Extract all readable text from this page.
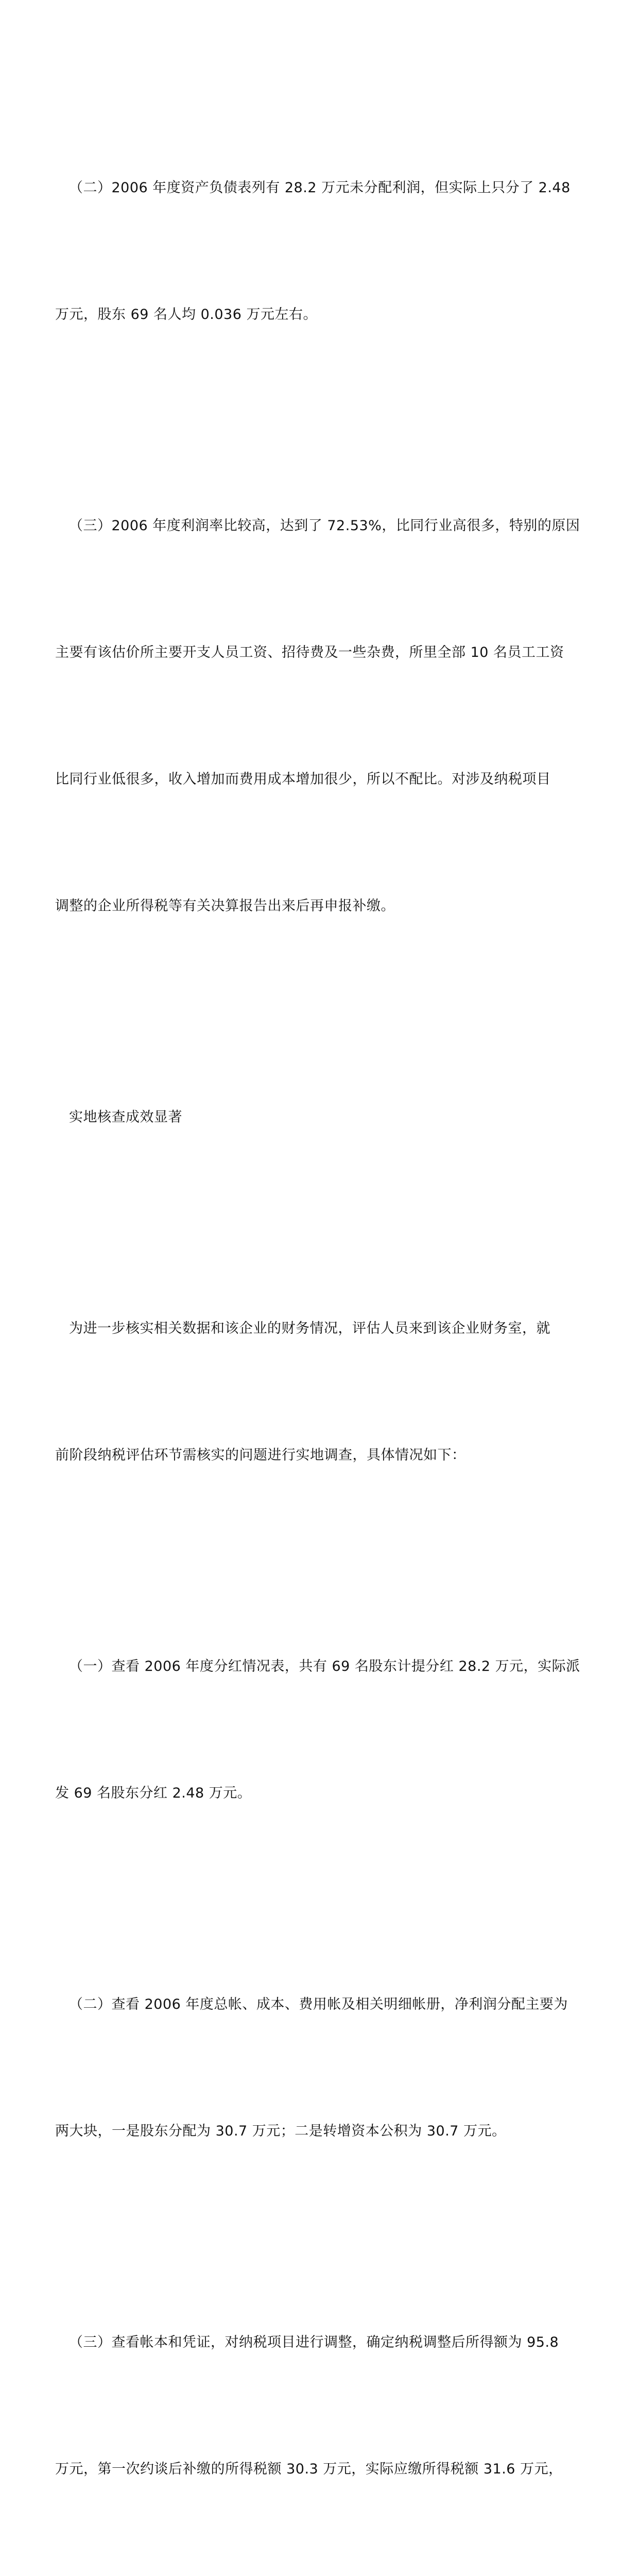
（二）2006 年度资产负债表列有 28.2 万元未分配利润，但实际上只分了 2.48

万元，股东 69 名人均 0.036 万元左右。

（三）2006 年度利润率比较高，达到了 72.53%，比同行业高很多，特别的原因

主要有该估价所主要开支人员工资、招待费及一些杂费，所里全部 10 名员工工资

比同行业低很多，收入增加而费用成本增加很少，所以不配比。对涉及纳税项目

调整的企业所得税等有关决算报告出来后再申报补缴。

实地核查成效显著

为进一步核实相关数据和该企业的财务情况，评估人员来到该企业财务室，就

前阶段纳税评估环节需核实的问题进行实地调查，具体情况如下：

（一）查看 2006 年度分红情况表，共有 69 名股东计提分红 28.2 万元，实际派

发 69 名股东分红 2.48 万元。

（二）查看 2006 年度总帐、成本、费用帐及相关明细帐册，净利润分配主要为

两大块，一是股东分配为 30.7 万元；二是转增资本公积为 30.7 万元。

（三）查看帐本和凭证，对纳税项目进行调整，确定纳税调整后所得额为 95.8

万元，第一次约谈后补缴的所得税额 30.3 万元，实际应缴所得税额 31.6 万元，
